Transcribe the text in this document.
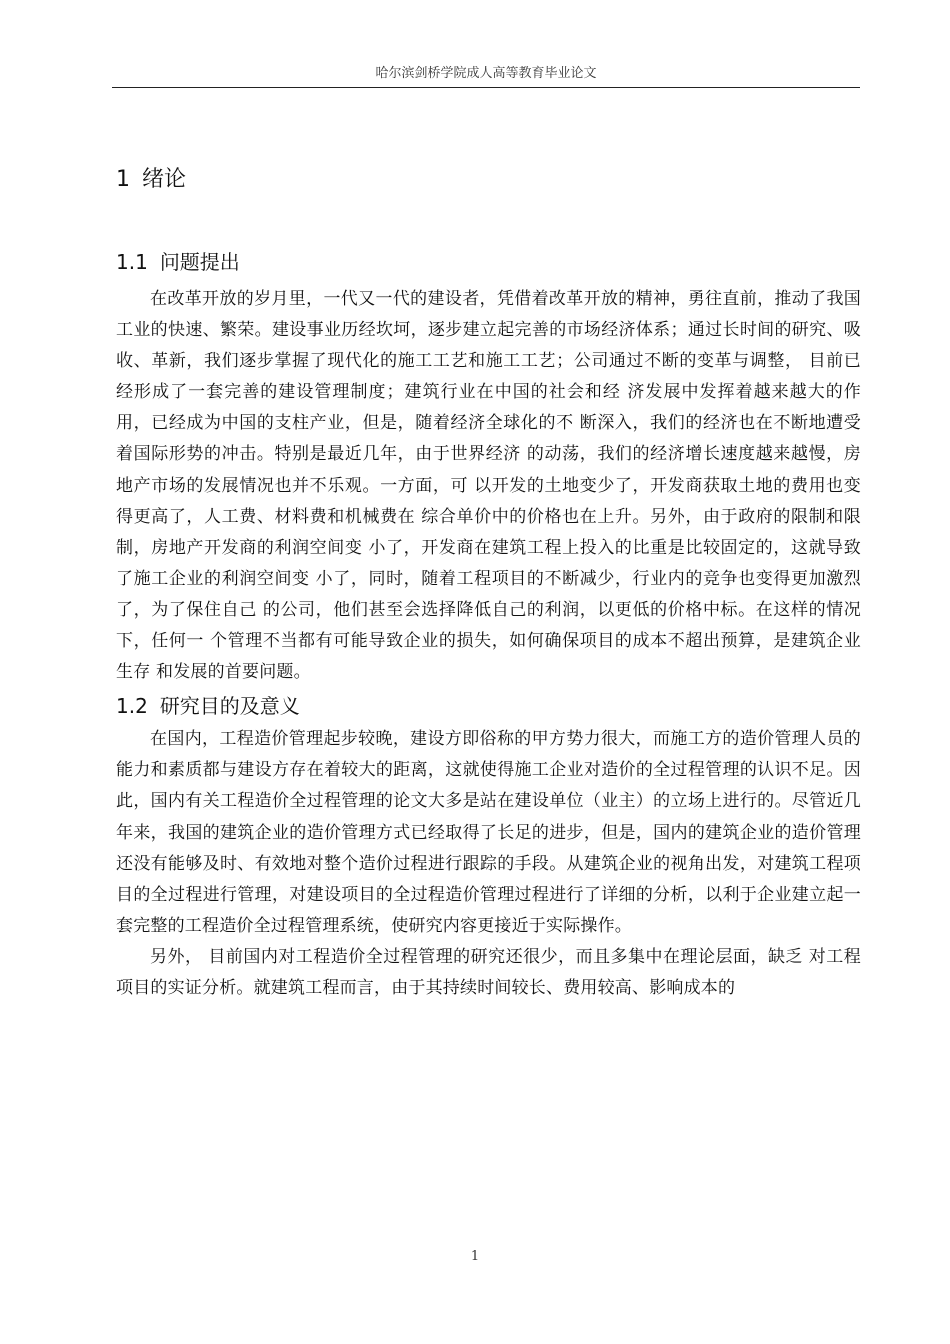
哈尔滨剑桥学院成人高等教育毕业论文
1 绪论
1.1 问题提出

在改革开放的岁月里，一代又一代的建设者，凭借着改革开放的精神，勇往直前，推动了我国工业的快速、繁荣。建设事业历经坎坷，逐步建立起完善的市场经济体系；通过长时间的研究、吸收、革新，我们逐步掌握了现代化的施工工艺和施工工艺；公司通过不断的变革与调整， 目前已经形成了一套完善的建设管理制度；建筑行业在中国的社会和经 济发展中发挥着越来越大的作用，已经成为中国的支柱产业，但是，随着经济全球化的不 断深入，我们的经济也在不断地遭受着国际形势的冲击。特别是最近几年，由于世界经济 的动荡，我们的经济增长速度越来越慢，房地产市场的发展情况也并不乐观。一方面，可 以开发的土地变少了，开发商获取土地的费用也变得更高了，人工费、材料费和机械费在 综合单价中的价格也在上升。另外，由于政府的限制和限制，房地产开发商的利润空间变 小了，开发商在建筑工程上投入的比重是比较固定的，这就导致了施工企业的利润空间变 小了，同时，随着工程项目的不断减少，行业内的竞争也变得更加激烈了，为了保住自己 的公司，他们甚至会选择降低自己的利润，以更低的价格中标。在这样的情况下，任何一 个管理不当都有可能导致企业的损失，如何确保项目的成本不超出预算，是建筑企业生存 和发展的首要问题。

1.2 研究目的及意义

在国内，工程造价管理起步较晚，建设方即俗称的甲方势力很大，而施工方的造价管理人员的能力和素质都与建设方存在着较大的距离，这就使得施工企业对造价的全过程管理的认识不足。因此，国内有关工程造价全过程管理的论文大多是站在建设单位（业主）的立场上进行的。尽管近几年来，我国的建筑企业的造价管理方式已经取得了长足的进步，但是，国内的建筑企业的造价管理还没有能够及时、有效地对整个造价过程进行跟踪的手段。从建筑企业的视角出发，对建筑工程项目的全过程进行管理，对建设项目的全过程造价管理过程进行了详细的分析，以利于企业建立起一套完整的工程造价全过程管理系统，使研究内容更接近于实际操作。

另外， 目前国内对工程造价全过程管理的研究还很少，而且多集中在理论层面，缺乏 对工程项目的实证分析。就建筑工程而言，由于其持续时间较长、费用较高、影响成本的

1
